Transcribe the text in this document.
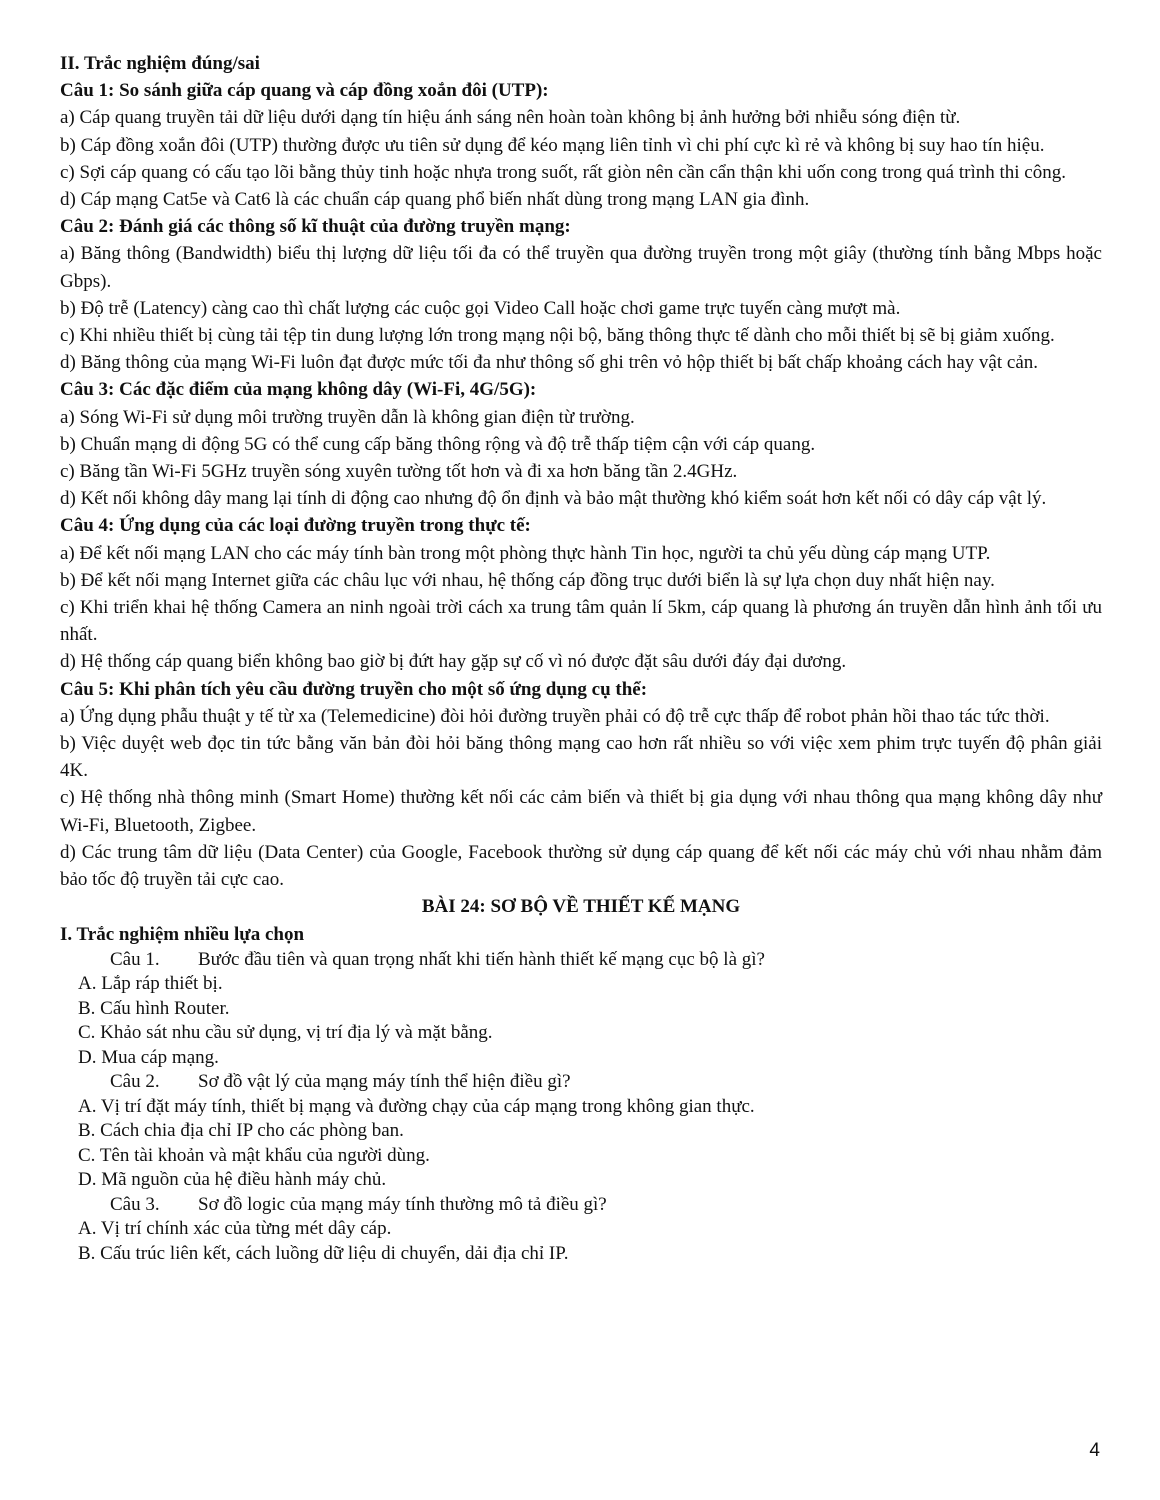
II. Trắc nghiệm đúng/sai

Câu 1: So sánh giữa cáp quang và cáp đồng xoắn đôi (UTP):

a) Cáp quang truyền tải dữ liệu dưới dạng tín hiệu ánh sáng nên hoàn toàn không bị ảnh hưởng bởi nhiễu sóng điện từ.

b) Cáp đồng xoắn đôi (UTP) thường được ưu tiên sử dụng để kéo mạng liên tỉnh vì chi phí cực kì rẻ và không bị suy hao tín hiệu.

c) Sợi cáp quang có cấu tạo lõi bằng thủy tinh hoặc nhựa trong suốt, rất giòn nên cần cẩn thận khi uốn cong trong quá trình thi công.

d) Cáp mạng Cat5e và Cat6 là các chuẩn cáp quang phổ biến nhất dùng trong mạng LAN gia đình.

Câu 2: Đánh giá các thông số kĩ thuật của đường truyền mạng:

a) Băng thông (Bandwidth) biểu thị lượng dữ liệu tối đa có thể truyền qua đường truyền trong một giây (thường tính bằng Mbps hoặc Gbps).

b) Độ trễ (Latency) càng cao thì chất lượng các cuộc gọi Video Call hoặc chơi game trực tuyến càng mượt mà.

c) Khi nhiều thiết bị cùng tải tệp tin dung lượng lớn trong mạng nội bộ, băng thông thực tế dành cho mỗi thiết bị sẽ bị giảm xuống.

d) Băng thông của mạng Wi-Fi luôn đạt được mức tối đa như thông số ghi trên vỏ hộp thiết bị bất chấp khoảng cách hay vật cản.

Câu 3: Các đặc điểm của mạng không dây (Wi-Fi, 4G/5G):

a) Sóng Wi-Fi sử dụng môi trường truyền dẫn là không gian điện từ trường.

b) Chuẩn mạng di động 5G có thể cung cấp băng thông rộng và độ trễ thấp tiệm cận với cáp quang.

c) Băng tần Wi-Fi 5GHz truyền sóng xuyên tường tốt hơn và đi xa hơn băng tần 2.4GHz.

d) Kết nối không dây mang lại tính di động cao nhưng độ ổn định và bảo mật thường khó kiểm soát hơn kết nối có dây cáp vật lý.

Câu 4: Ứng dụng của các loại đường truyền trong thực tế:

a) Để kết nối mạng LAN cho các máy tính bàn trong một phòng thực hành Tin học, người ta chủ yếu dùng cáp mạng UTP.

b) Để kết nối mạng Internet giữa các châu lục với nhau, hệ thống cáp đồng trục dưới biển là sự lựa chọn duy nhất hiện nay.

c) Khi triển khai hệ thống Camera an ninh ngoài trời cách xa trung tâm quản lí 5km, cáp quang là phương án truyền dẫn hình ảnh tối ưu nhất.

d) Hệ thống cáp quang biển không bao giờ bị đứt hay gặp sự cố vì nó được đặt sâu dưới đáy đại dương.

Câu 5: Khi phân tích yêu cầu đường truyền cho một số ứng dụng cụ thể:

a) Ứng dụng phẫu thuật y tế từ xa (Telemedicine) đòi hỏi đường truyền phải có độ trễ cực thấp để robot phản hồi thao tác tức thời.

b) Việc duyệt web đọc tin tức bằng văn bản đòi hỏi băng thông mạng cao hơn rất nhiều so với việc xem phim trực tuyến độ phân giải 4K.

c) Hệ thống nhà thông minh (Smart Home) thường kết nối các cảm biến và thiết bị gia dụng với nhau thông qua mạng không dây như Wi-Fi, Bluetooth, Zigbee.

d) Các trung tâm dữ liệu (Data Center) của Google, Facebook thường sử dụng cáp quang để kết nối các máy chủ với nhau nhằm đảm bảo tốc độ truyền tải cực cao.

BÀI 24: SƠ BỘ VỀ THIẾT KẾ MẠNG

I. Trắc nghiệm nhiều lựa chọn

Câu 1. Bước đầu tiên và quan trọng nhất khi tiến hành thiết kế mạng cục bộ là gì?

A. Lắp ráp thiết bị.

B. Cấu hình Router.

C. Khảo sát nhu cầu sử dụng, vị trí địa lý và mặt bằng.

D. Mua cáp mạng.

Câu 2. Sơ đồ vật lý của mạng máy tính thể hiện điều gì?

A. Vị trí đặt máy tính, thiết bị mạng và đường chạy của cáp mạng trong không gian thực.

B. Cách chia địa chỉ IP cho các phòng ban.

C. Tên tài khoản và mật khẩu của người dùng.

D. Mã nguồn của hệ điều hành máy chủ.

Câu 3. Sơ đồ logic của mạng máy tính thường mô tả điều gì?

A. Vị trí chính xác của từng mét dây cáp.

B. Cấu trúc liên kết, cách luồng dữ liệu di chuyển, dải địa chỉ IP.

4
